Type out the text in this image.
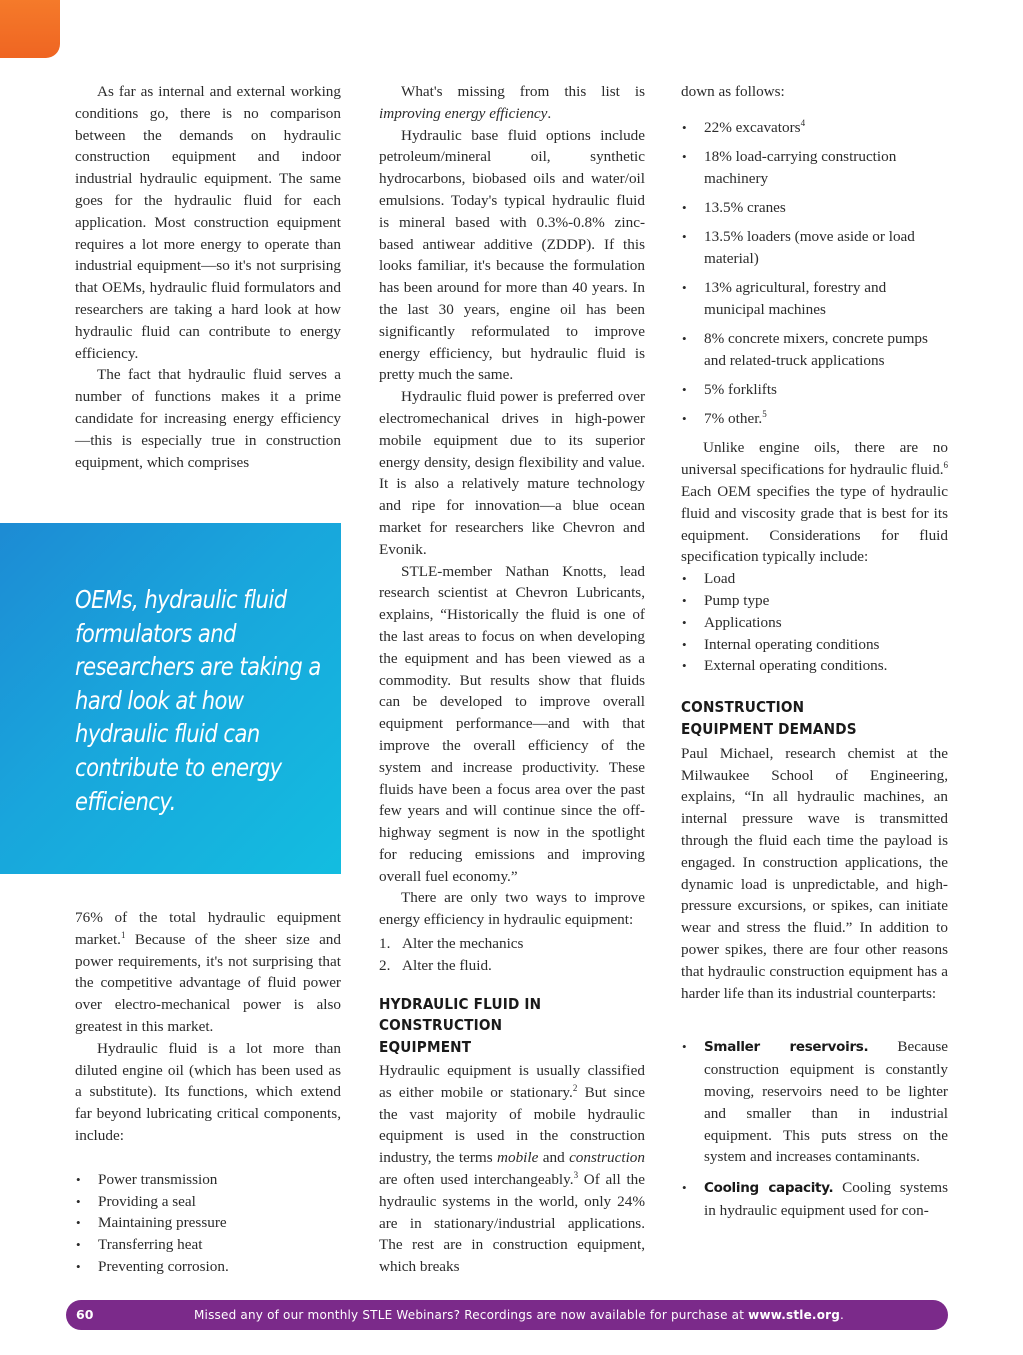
As far as internal and external working conditions go, there is no comparison between the demands on hydraulic construction equipment and indoor industrial hydraulic equipment. The same goes for the hydraulic fluid for each application. Most construction equipment requires a lot more energy to operate than industrial equipment—so it's not surprising that OEMs, hydraulic fluid formulators and researchers are taking a hard look at how hydraulic fluid can contribute to energy efficiency.

The fact that hydraulic fluid serves a number of functions makes it a prime candidate for increasing energy efficiency—this is especially true in construction equipment, which comprises

OEMs, hydraulic fluid formulators and researchers are taking a hard look at how hydraulic fluid can contribute to energy efficiency.

76% of the total hydraulic equipment market.$^1$ Because of the sheer size and power requirements, it's not surprising that the competitive advantage of fluid power over electro-mechanical power is also greatest in this market.

Hydraulic fluid is a lot more than diluted engine oil (which has been used as a substitute). Its functions, which extend far beyond lubricating critical components, include:

• Power transmission
• Providing a seal
• Maintaining pressure
• Transferring heat
• Preventing corrosion.

What's missing from this list is improving energy efficiency.

Hydraulic base fluid options include petroleum/mineral oil, synthetic hydrocarbons, biobased oils and water/oil emulsions. Today's typical hydraulic fluid is mineral based with 0.3%-0.8% zinc-based antiwear additive (ZDDP). If this looks familiar, it's because the formulation has been around for more than 40 years. In the last 30 years, engine oil has been significantly reformulated to improve energy efficiency, but hydraulic fluid is pretty much the same.

Hydraulic fluid power is preferred over electromechanical drives in high-power mobile equipment due to its superior energy density, design flexibility and value. It is also a relatively mature technology and ripe for innovation—a blue ocean market for researchers like Chevron and Evonik.

STLE-member Nathan Knotts, lead research scientist at Chevron Lubricants, explains, “Historically the fluid is one of the last areas to focus on when developing the equipment and has been viewed as a commodity. But results show that fluids can be developed to improve overall equipment performance—and with that improve the overall efficiency of the system and increase productivity. These fluids have been a focus area over the past few years and will continue since the off-highway segment is now in the spotlight for reducing emissions and improving overall fuel economy.”

There are only two ways to improve energy efficiency in hydraulic equipment:

1. Alter the mechanics
2. Alter the fluid.
HYDRAULIC FLUID IN CONSTRUCTION EQUIPMENT

Hydraulic equipment is usually classified as either mobile or stationary.$^2$ But since the vast majority of mobile hydraulic equipment is used in the construction industry, the terms mobile and construction are often used interchangeably.$^3$ Of all the hydraulic systems in the world, only 24% are in stationary/industrial applications. The rest are in construction equipment, which breaks

down as follows:

• 22% excavators$^4$
• 18% load-carrying construction machinery
• 13.5% cranes
• 13.5% loaders (move aside or load material)
• 13% agricultural, forestry and municipal machines
• 8% concrete mixers, concrete pumps and related-truck applications
• 5% forklifts
• 7% other.$^5$

Unlike engine oils, there are no universal specifications for hydraulic fluid.$^6$ Each OEM specifies the type of hydraulic fluid and viscosity grade that is best for its equipment. Considerations for fluid specification typically include:

• Load
• Pump type
• Applications
• Internal operating conditions
• External operating conditions.
CONSTRUCTION EQUIPMENT DEMANDS

Paul Michael, research chemist at the Milwaukee School of Engineering, explains, “In all hydraulic machines, an internal pressure wave is transmitted through the fluid each time the payload is engaged. In construction applications, the dynamic load is unpredictable, and high-pressure excursions, or spikes, can initiate wear and stress the fluid.” In addition to power spikes, there are four other reasons that hydraulic construction equipment has a harder life than its industrial counterparts:

• Smaller reservoirs. Because construction equipment is constantly moving, reservoirs need to be lighter and smaller than in industrial equipment. This puts stress on the system and increases contaminants.
• Cooling capacity. Cooling systems in hydraulic equipment used for con-
60	Missed any of our monthly STLE Webinars? Recordings are now available for purchase at www.stle.org.
